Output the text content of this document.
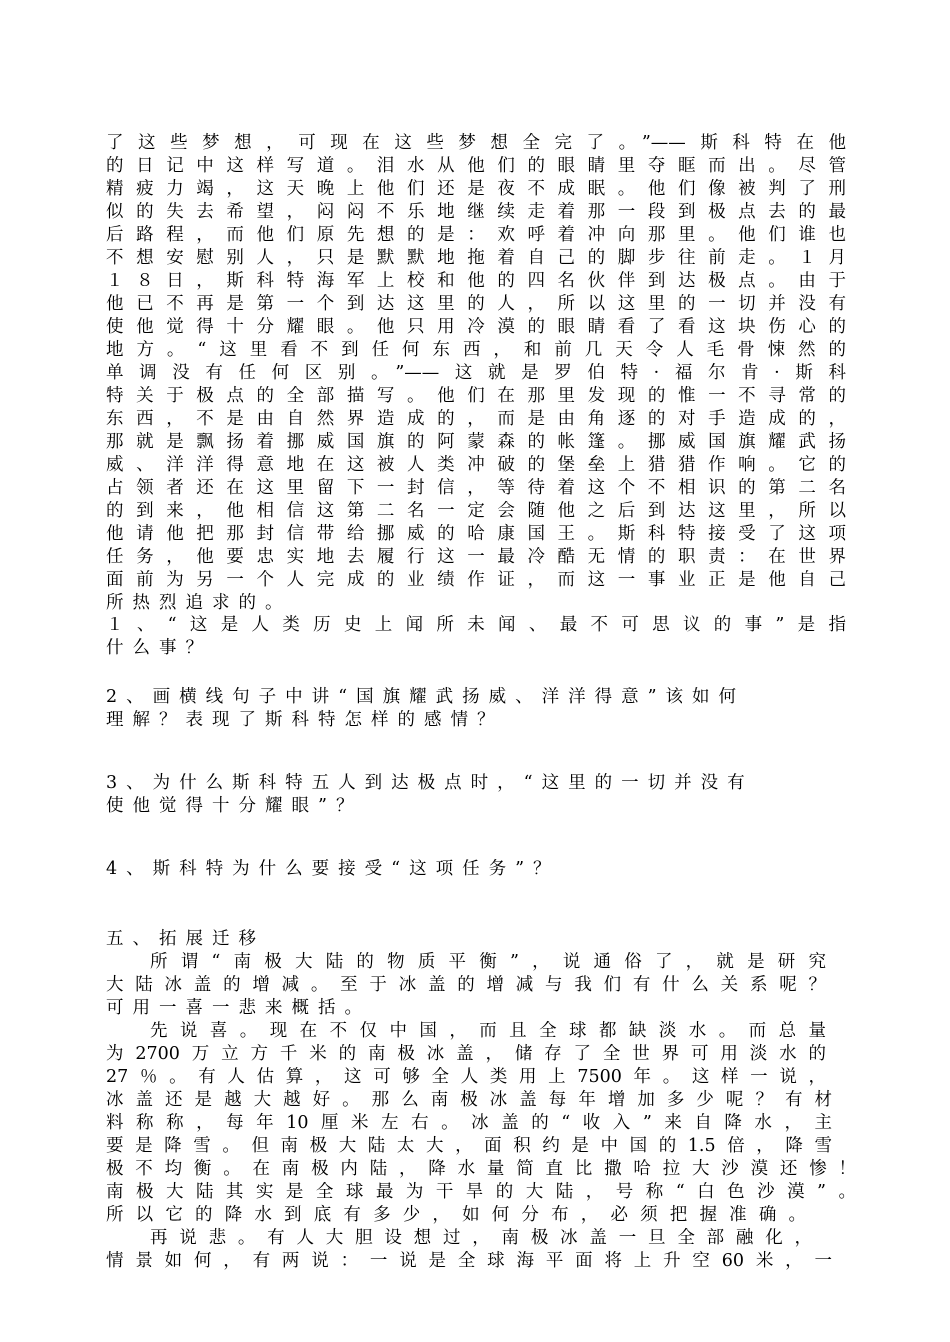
了这些梦想，可现在这些梦想全完了。”——斯科特在他
的日记中这样写道。泪水从他们的眼睛里夺眶而出。尽管
精疲力竭，这天晚上他们还是夜不成眠。他们像被判了刑
似的失去希望，闷闷不乐地继续走着那一段到极点去的最
后路程，而他们原先想的是：欢呼着冲向那里。他们谁也
不想安慰别人，只是默默地拖着自己的脚步往前走。１月
１８日，斯科特海军上校和他的四名伙伴到达极点。由于
他已不再是第一个到达这里的人，所以这里的一切并没有
使他觉得十分耀眼。他只用冷漠的眼睛看了看这块伤心的
地方。“这里看不到任何东西，和前几天令人毛骨悚然的
单调没有任何区别。”——这就是罗伯特·福尔肯·斯科
特关于极点的全部描写。他们在那里发现的惟一不寻常的
东西，不是由自然界造成的，而是由角逐的对手造成的，
那就是飘扬着挪威国旗的阿蒙森的帐篷。挪威国旗耀武扬
威、洋洋得意地在这被人类冲破的堡垒上猎猎作响。它的
占领者还在这里留下一封信，等待着这个不相识的第二名
的到来，他相信这第二名一定会随他之后到达这里，所以
他请他把那封信带给挪威的哈康国王。斯科特接受了这项
任务，他要忠实地去履行这一最冷酷无情的职责：在世界
面前为另一个人完成的业绩作证，而这一事业正是他自己
所热烈追求的。
１、“这是人类历史上闻所未闻、最不可思议的事”是指
什么事？
2、画横线句子中讲“国旗耀武扬威、洋洋得意”该如何
理解？表现了斯科特怎样的感情？
3、为什么斯科特五人到达极点时，“这里的一切并没有
使他觉得十分耀眼”？
4、斯科特为什么要接受“这项任务”？
五、拓展迁移
所谓“南极大陆的物质平衡”，说通俗了，就是研究
大陆冰盖的增减。至于冰盖的增减与我们有什么关系呢？
可用一喜一悲来概括。
先说喜。现在不仅中国，而且全球都缺淡水。而总量
为2700万立方千米的南极冰盖，储存了全世界可用淡水的
27％。有人估算，这可够全人类用上7500年。这样一说，
冰盖还是越大越好。那么南极冰盖每年增加多少呢？有材
料称称，每年10厘米左右。冰盖的“收入”来自降水，主
要是降雪。但南极大陆太大，面积约是中国的1.5倍，降雪
极不均衡。在南极内陆，降水量简直比撒哈拉大沙漠还惨！
南极大陆其实是全球最为干旱的大陆，号称“白色沙漠”。
所以它的降水到底有多少，如何分布，必须把握准确。
再说悲。有人大胆设想过，南极冰盖一旦全部融化，
情景如何，有两说：一说是全球海平面将上升空60米，一
